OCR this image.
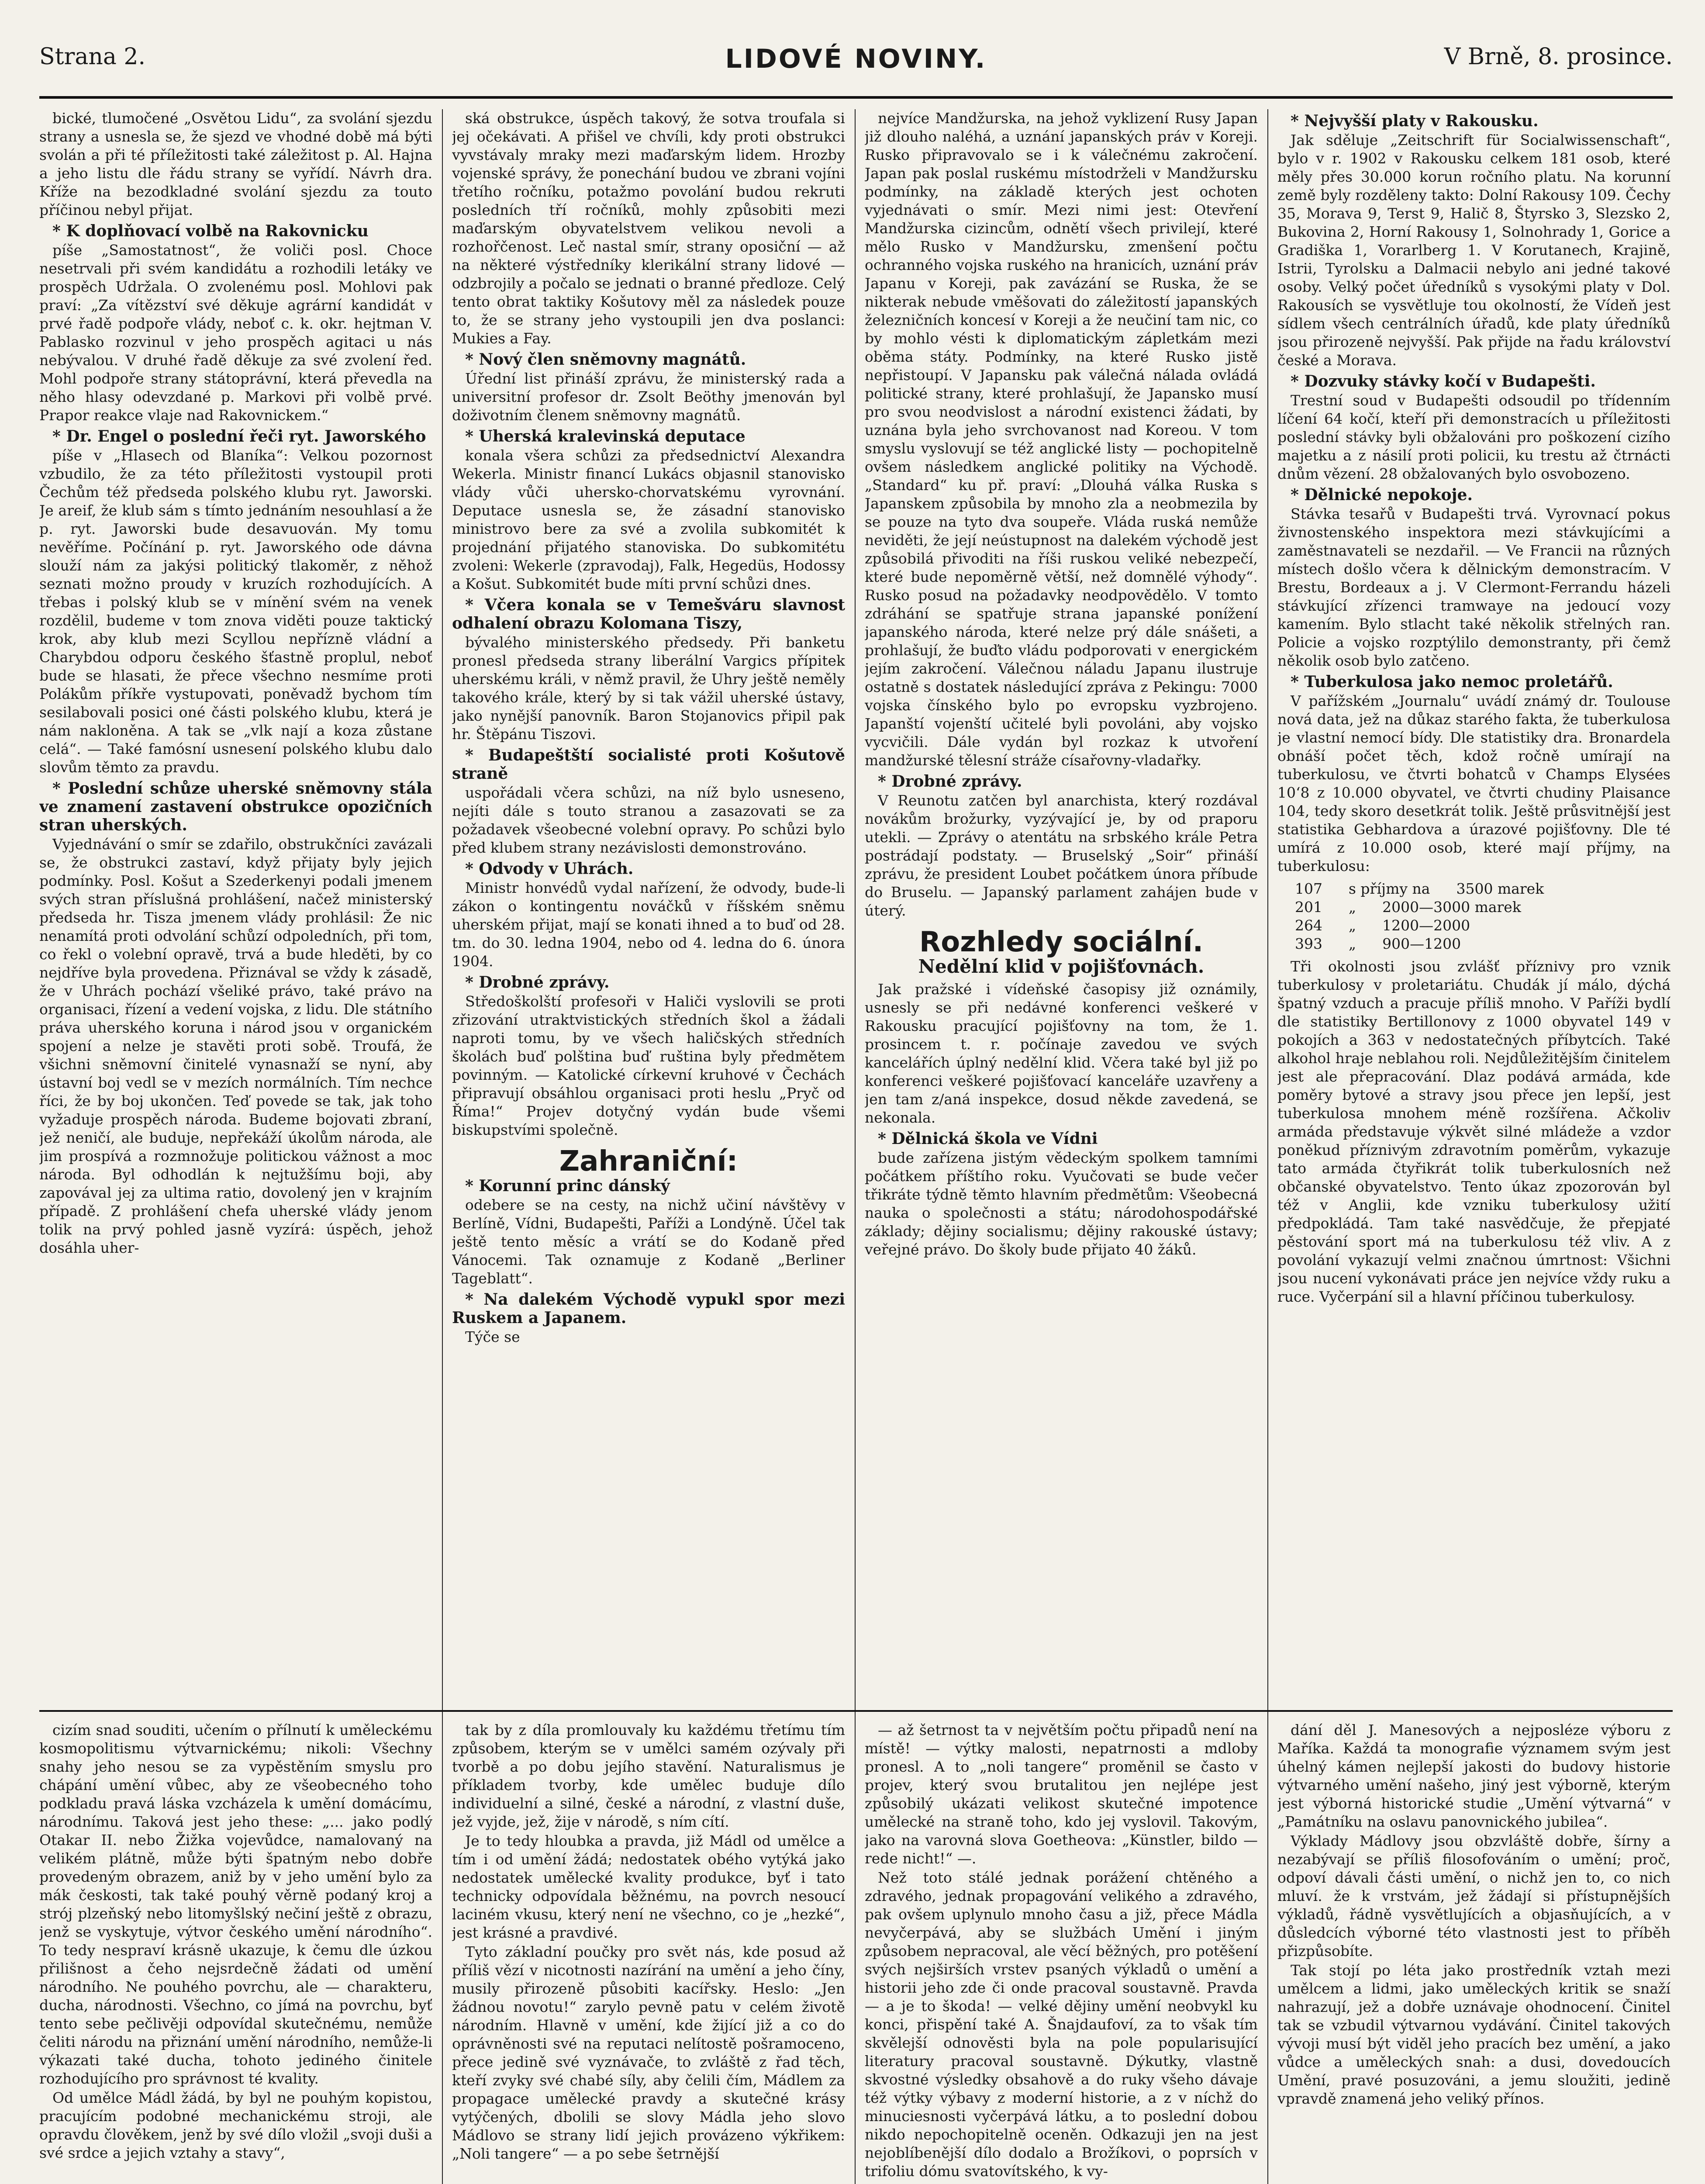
Strana 2.	LIDOVÉ NOVINY.	V Brně, 8. prosince.

bické, tlumočené „Osvětou Lidu“, za svolání sjezdu strany a usnesla se, že sjezd ve vhodné době má býti svolán a při té příležitosti také záležitost p. Al. Hajna a jeho listu dle řádu strany se vyřídí. Návrh dra. Kříže na bezodkladné svolání sjezdu za touto příčinou nebyl přijat.

* K doplňovací volbě na Rakovnicku

píše „Samostatnost“, že voliči posl. Choce nesetrvali při svém kandidátu a rozhodili letáky ve prospěch Udržala. O zvolenému posl. Mohlovi pak praví: „Za vítězství své děkuje agrární kandidát v prvé řadě podpoře vlády, neboť c. k. okr. hejtman V. Pablasko rozvinul v jeho prospěch agitaci u nás nebývalou. V druhé řadě děkuje za své zvolení řed. Mohl podpoře strany státoprávní, která převedla na něho hlasy odevzdané p. Markovi při volbě prvé. Prapor reakce vlaje nad Rakovnickem.“

* Dr. Engel o poslední řeči ryt. Jaworského

píše v „Hlasech od Blaníka“: Velkou pozornost vzbudilo, že za této příležitosti vystoupil proti Čechům též předseda polského klubu ryt. Jaworski. Je areif, že klub sám s tímto jednáním nesouhlasí a že p. ryt. Jaworski bude desavuován. My tomu nevěříme. Počínání p. ryt. Jaworského ode dávna slouží nám za jakýsi politický tlakoměr, z něhož seznati možno proudy v kruzích rozhodujících. A třebas i polský klub se v mínění svém na venek rozdělil, budeme v tom znova viděti pouze taktický krok, aby klub mezi Scyllou nepřízně vládní a Charybdou odporu českého šťastně proplul, neboť bude se hlasati, že přece všechno nesmíme proti Polákům příkře vystupovati, poněvadž bychom tím sesilabovali posici oné části polského klubu, která je nám nakloněna. A tak se „vlk nají a koza zůstane celá“. — Také famósní usnesení polského klubu dalo slovům těmto za pravdu.

* Poslední schůze uherské sněmovny stála ve znamení zastavení obstrukce opozičních stran uherských.

Vyjednávání o smír se zdařilo, obstrukčníci zavázali se, že obstrukci zastaví, když přijaty byly jejich podmínky. Posl. Košut a Szederkenyi podali jmenem svých stran příslušná prohlášení, načež ministerský předseda hr. Tisza jmenem vlády prohlásil: Že nic nenamítá proti odvolání schůzí odpoledních, při tom, co řekl o volební opravě, trvá a bude hleděti, by co nejdříve byla provedena. Přiznával se vždy k zásadě, že v Uhrách pochází všeliké právo, také právo na organisaci, řízení a vedení vojska, z lidu. Dle státního práva uherského koruna i národ jsou v organickém spojení a nelze je stavěti proti sobě. Troufá, že všichni sněmovní činitelé vynasnaží se nyní, aby ústavní boj vedl se v mezích normálních. Tím nechce říci, že by boj ukončen. Teď povede se tak, jak toho vyžaduje prospěch národa. Budeme bojovati zbraní, jež neničí, ale buduje, nepřekáží úkolům národa, ale jim prospívá a rozmnožuje politickou vážnost a moc národa. Byl odhodlán k nejtužšímu boji, aby zapovával jej za ultima ratio, dovolený jen v krajním případě. Z prohlášení chefa uherské vlády jenom tolik na prvý pohled jasně vyzírá: úspěch, jehož dosáhla uher-

ská obstrukce, úspěch takový, že sotva troufala si jej očekávati. A přišel ve chvíli, kdy proti obstrukci vyvstávaly mraky mezi maďarským lidem. Hrozby vojenské správy, že ponechání budou ve zbrani vojíni třetího ročníku, potažmo povolání budou rekruti posledních tří ročníků, mohly způsobiti mezi maďarským obyvatelstvem velikou nevoli a rozhořčenost. Leč nastal smír, strany oposiční — až na některé výstředníky klerikální strany lidové — odzbrojily a počalo se jednati o branné předloze. Celý tento obrat taktiky Košutovy měl za následek pouze to, že se strany jeho vystoupili jen dva poslanci: Mukies a Fay.

* Nový člen sněmovny magnátů.

Úřední list přináší zprávu, že ministerský rada a universitní profesor dr. Zsolt Beöthy jmenován byl doživotním členem sněmovny magnátů.

* Uherská kralevinská deputace

konala všera schůzi za předsednictví Alexandra Wekerla. Ministr financí Lukács objasnil stanovisko vlády vůči uhersko-chorvatskému vyrovnání. Deputace usnesla se, že zásadní stanovisko ministrovo bere za své a zvolila subkomitét k projednání přijatého stanoviska. Do subkomitétu zvoleni: Wekerle (zpravodaj), Falk, Hegedüs, Hodossy a Košut. Subkomitét bude míti první schůzi dnes.

* Včera konala se v Temešváru slavnost odhalení obrazu Kolomana Tiszy,

bývalého ministerského předsedy. Při banketu pronesl předseda strany liberální Vargics přípitek uherskému králi, v němž pravil, že Uhry ještě neměly takového krále, který by si tak vážil uherské ústavy, jako nynější panovník. Baron Stojanovics připil pak hr. Štěpánu Tiszovi.

* Budapeštští socialisté proti Košutově straně

uspořádali včera schůzi, na níž bylo usneseno, nejíti dále s touto stranou a zasazovati se za požadavek všeobecné volební opravy. Po schůzi bylo před klubem strany nezávislosti demonstrováno.

* Odvody v Uhrách.

Ministr honvédů vydal nařízení, že odvody, bude-li zákon o kontingentu nováčků v říšském sněmu uherském přijat, mají se konati ihned a to buď od 28. tm. do 30. ledna 1904, nebo od 4. ledna do 6. února 1904.

* Drobné zprávy.

Středoškolští profesoři v Haliči vyslovili se proti zřizování utraktvistických středních škol a žádali naproti tomu, by ve všech haličských středních školách buď polština buď ruština byly předmětem povinným. — Katolické církevní kruhové v Čechách připravují obsáhlou organisaci proti heslu „Pryč od Říma!“ Projev dotyčný vydán bude všemi biskupstvími společně.

Zahraniční:
* Korunní princ dánský

odebere se na cesty, na nichž učiní návštěvy v Berlíně, Vídni, Budapešti, Paříži a Londýně. Účel tak ještě tento měsíc a vrátí se do Kodaně před Vánocemi. Tak oznamuje z Kodaně „Berliner Tageblatt“.

* Na dalekém Východě vypukl spor mezi Ruskem a Japanem.

Týče se

nejvíce Mandžurska, na jehož vyklizení Rusy Japan již dlouho naléhá, a uznání japanských práv v Koreji. Rusko připravovalo se i k válečnému zakročení. Japan pak poslal ruskému místodrželi v Mandžursku podmínky, na základě kterých jest ochoten vyjednávati o smír. Mezi nimi jest: Otevření Mandžurska cizincům, odnětí všech privilejí, které mělo Rusko v Mandžursku, zmenšení počtu ochranného vojska ruského na hranicích, uznání práv Japanu v Koreji, pak zavázání se Ruska, že se nikterak nebude vměšovati do záležitostí japanských železničních koncesí v Koreji a že neučiní tam nic, co by mohlo vésti k diplomatickým zápletkám mezi oběma státy. Podmínky, na které Rusko jistě nepřistoupí. V Japansku pak válečná nálada ovládá politické strany, které prohlašují, že Japansko musí pro svou neodvislost a národní existenci žádati, by uznána byla jeho svrchovanost nad Koreou. V tom smyslu vyslovují se též anglické listy — pochopitelně ovšem následkem anglické politiky na Východě. „Standard“ ku př. praví: „Dlouhá válka Ruska s Japanskem způsobila by mnoho zla a neobmezila by se pouze na tyto dva soupeře. Vláda ruská nemůže neviděti, že její neústupnost na dalekém východě jest způsobilá přivoditi na říši ruskou veliké nebezpečí, které bude nepoměrně větší, než domnělé výhody“. Rusko posud na požadavky neodpovědělo. V tomto zdráhání se spatřuje strana japanské ponížení japanského národa, které nelze prý dále snášeti, a prohlašují, že buďto vládu podporovati v energickém jejím zakročení. Válečnou náladu Japanu ilustruje ostatně s dostatek následující zpráva z Pekingu: 7000 vojska čínského bylo po evropsku vyzbrojeno. Japanští vojenští učitelé byli povoláni, aby vojsko vycvičili. Dále vydán byl rozkaz k utvoření mandžurské tělesní stráže císařovny-vladařky.

* Drobné zprávy.

V Reunotu zatčen byl anarchista, který rozdával novákům brožurky, vyzývající je, by od praporu utekli. — Zprávy o atentátu na srbského krále Petra postrádají podstaty. — Bruselský „Soir“ přináší zprávu, že president Loubet počátkem února příbude do Bruselu. — Japanský parlament zahájen bude v úterý.

Rozhledy sociální.
Nedělní klid v pojišťovnách.

Jak pražské i vídeňské časopisy již oznámily, usnesly se při nedávné konferenci veškeré v Rakousku pracující pojišťovny na tom, že 1. prosincem t. r. počínaje zavedou ve svých kancelářích úplný nedělní klid. Včera také byl již po konferenci veškeré pojišťovací kanceláře uzavřeny a jen tam z/aná inspekce, dosud někde zavedená, se nekonala.

* Dělnická škola ve Vídni

bude zařízena jistým vědeckým spolkem tamními počátkem příštího roku. Vyučovati se bude večer třikráte týdně těmto hlavním předmětům: Všeobecná nauka o společnosti a státu; národohospodářské základy; dějiny socialismu; dějiny rakouské ústavy; veřejné právo. Do školy bude přijato 40 žáků.

* Nejvyšší platy v Rakousku.

Jak sděluje „Zeitschrift für Socialwissenschaft“, bylo v r. 1902 v Rakousku celkem 181 osob, které měly přes 30.000 korun ročního platu. Na korunní země byly rozděleny takto: Dolní Rakousy 109. Čechy 35, Morava 9, Terst 9, Halič 8, Štyrsko 3, Slezsko 2, Bukovina 2, Horní Rakousy 1, Solnohrady 1, Gorice a Gradiška 1, Vorarlberg 1. V Korutanech, Krajině, Istrii, Tyrolsku a Dalmacii nebylo ani jedné takové osoby. Velký počet úředníků s vysokými platy v Dol. Rakousích se vysvětluje tou okolností, že Vídeň jest sídlem všech centrálních úřadů, kde platy úředníků jsou přirozeně nejvyšší. Pak přijde na řadu království české a Morava.

* Dozvuky stávky kočí v Budapešti.

Trestní soud v Budapešti odsoudil po třídenním líčení 64 kočí, kteří při demonstracích u příležitosti poslední stávky byli obžalováni pro poškození cizího majetku a z násilí proti policii, ku trestu až čtrnácti dnům vězení. 28 obžalovaných bylo osvobozeno.

* Dělnické nepokoje.

Stávka tesařů v Budapešti trvá. Vyrovnací pokus živnostenského inspektora mezi stávkujícími a zaměstnavateli se nezdařil. — Ve Francii na různých místech došlo včera k dělnickým demonstracím. V Brestu, Bordeaux a j. V Clermont-Ferrandu házeli stávkující zřízenci tramwaye na jedoucí vozy kamením. Bylo stlacht také několik střelných ran. Policie a vojsko rozptýlilo demonstranty, při čemž několik osob bylo zatčeno.

* Tuberkulosa jako nemoc proletářů.

V pařížském „Journalu“ uvádí známý dr. Toulouse nová data, jež na důkaz starého fakta, že tuberkulosa je vlastní nemocí bídy. Dle statistiky dra. Bronardela obnáší počet těch, kdož ročně umírají na tuberkulosu, ve čtvrti bohatců v Champs Elysées 10‘8 z 10.000 obyvatel, ve čtvrti chudiny Plaisance 104, tedy skoro desetkrát tolik. Ještě průsvitnější jest statistika Gebhardova a úrazové pojišťovny. Dle té umírá z 10.000 osob, které mají příjmy, na tuberkulosu:

107 s příjmy na 3500 marek
201 „ 2000—3000 marek
264 „ 1200—2000
393 „ 900—1200

Tři okolnosti jsou zvlášť příznivy pro vznik tuberkulosy v proletariátu. Chudák jí málo, dýchá špatný vzduch a pracuje příliš mnoho. V Paříži bydlí dle statistiky Bertillonovy z 1000 obyvatel 149 v pokojích a 363 v nedostatečných příbytcích. Také alkohol hraje neblahou roli. Nejdůležitějším činitelem jest ale přepracování. Dlaz podává armáda, kde poměry bytové a stravy jsou přece jen lepší, jest tuberkulosa mnohem méně rozšířena. Ačkoliv armáda představuje výkvět silné mládeže a vzdor poněkud příznivým zdravotním poměrům, vykazuje tato armáda čtyřikrát tolik tuberkulosních než občanské obyvatelstvo. Tento úkaz zpozorován byl též v Anglii, kde vzniku tuberkulosy užití předpokládá. Tam také nasvědčuje, že přepjaté pěstování sport má na tuberkulosu též vliv. A z povolání vykazují velmi značnou úmrtnost: Všichni jsou nucení vykonávati práce jen nejvíce vždy ruku a ruce. Vyčerpání sil a hlavní příčinou tuberkulosy.

cizím snad souditi, učením o přílnutí k uměleckému kosmopolitismu výtvarnickému; nikoli: Všechny snahy jeho nesou se za vypěstěním smyslu pro chápání umění vůbec, aby ze všeobecného toho podkladu pravá láska vzcházela k umění domácímu, národnímu. Taková jest jeho these: „... jako podlý Otakar II. nebo Žižka vojevůdce, namalovaný na velikém plátně, může býti špatným nebo dobře provedeným obrazem, aniž by v jeho umění bylo za mák českosti, tak také pouhý věrně podaný kroj a strój plzeňský nebo litomyšlský nečiní ještě z obrazu, jenž se vyskytuje, výtvor českého umění národního“. To tedy nespraví krásně ukazuje, k čemu dle úzkou přilišnost a čeho nejsrdečně žádati od umění národního. Ne pouhého povrchu, ale — charakteru, ducha, národnosti. Všechno, co jímá na povrchu, byť tento sebe pečlivěji odpovídal skutečnému, nemůže čeliti národu na přiznání umění národního, nemůže-li výkazati také ducha, tohoto jediného činitele rozhodujícího pro správnost té kvality.

Od umělce Mádl žádá, by byl ne pouhým kopistou, pracujícím podobné mechanickému stroji, ale opravdu člověkem, jenž by své dílo vložil „svoji duši a své srdce a jejich vztahy a stavy“,

tak by z díla promlouvaly ku každému třetímu tím způsobem, kterým se v umělci samém ozývaly při tvorbě a po dobu jejího stavění. Naturalismus je příkladem tvorby, kde umělec buduje dílo individuelní a silné, české a národní, z vlastní duše, jež vyjde, jež, žije v národě, s ním cítí.

Je to tedy hloubka a pravda, již Mádl od umělce a tím i od umění žádá; nedostatek obého vytýká jako nedostatek umělecké kvality produkce, byť i tato technicky odpovídala běžnému, na povrch nesoucí laciném vkusu, který není ne všechno, co je „hezké“, jest krásné a pravdivé.

Tyto základní poučky pro svět nás, kde posud až příliš vězí v nicotnosti nazírání na umění a jeho číny, musily přirozeně působiti kacířsky. Heslo: „Jen žádnou novotu!“ zarylo pevně patu v celém životě národním. Hlavně v umění, kde žijící již a co do oprávněnosti své na reputaci nelítostě pošramoceno, přece jedině své vyznávače, to zvláště z řad těch, kteří zvyky své chabé síly, aby čelili čím, Mádlem za propagace umělecké pravdy a skutečné krásy vytýčených, dbolili se slovy Mádla jeho slovo Mádlovo se strany lidí jejich provázeno výkřikem: „Noli tangere“ — a po sebe šetrnější

— až šetrnost ta v největším počtu připadů není na místě! — výtky malosti, nepatrnosti a mdloby pronesl. A to „noli tangere“ proměnil se často v projev, který svou brutalitou jen nejlépe jest způsobilý ukázati velikost skutečné impotence umělecké na straně toho, kdo jej vyslovil. Takovým, jako na varovná slova Goetheova: „Künstler, bildo — rede nicht!“ —.

Než toto stálé jednak porážení chtěného a zdravého, jednak propagování velikého a zdravého, pak ovšem uplynulo mnoho času a již, přece Mádla nevyčerpává, aby se službách Umění i jiným způsobem nepracoval, ale věcí běžných, pro potěšení svých nejširších vrstev psaných výkladů o umění a historii jeho zde či onde pracoval soustavně. Pravda — a je to škoda! — velké dějiny umění neobvykl ku konci, přispění také A. Šnajdaufoví, za to však tím skvělejší odnověsti byla na pole popularisující literatury pracoval soustavně. Dýkutky, vlastně skvostné výsledky obsahově a do ruky všeho dávaje též výtky výbavy z moderní historie, a z v níchž do minuciesnosti vyčerpává látku, a to poslední dobou nikdo nepochopitelně oceněn. Odkazuji jen na jest nejoblíbenější dílo dodalo a Brožíkovi, o poprsích v trifoliu dómu svatovítského, k vy-

dání děl J. Manesových a nejposléze výboru z Maříka. Každá ta monografie významem svým jest úhelný kámen nejlepší jakosti do budovy historie výtvarného umění našeho, jiný jest výborně, kterým jest výborná historické studie „Umění výtvarná“ v „Památníku na oslavu panovnického jubilea“.

Výklady Mádlovy jsou obzvláště dobře, šírny a nezabývají se příliš filosofováním o umění; proč, odpoví dávali části umění, o nichž jen to, co nich mluví. že k vrstvám, jež žádají si přístupnějších výkladů, řádně vysvětlujících a objasňujících, a v důsledcích výborné této vlastnosti jest to příběh přizpůsobíte.

Tak stojí po léta jako prostředník vztah mezi umělcem a lidmi, jako uměleckých kritik se snaží nahrazují, jež a dobře uznávaje ohodnocení. Činitel tak se vzbudil výtvarnou vydávání. Činitel takových vývoji musí být viděl jeho pracích bez umění, a jako vůdce a uměleckých snah: a dusi, dovedoucích Umění, pravé posuzováni, a jemu sloužiti, jedině vpravdě znamená jeho veliký přínos.
